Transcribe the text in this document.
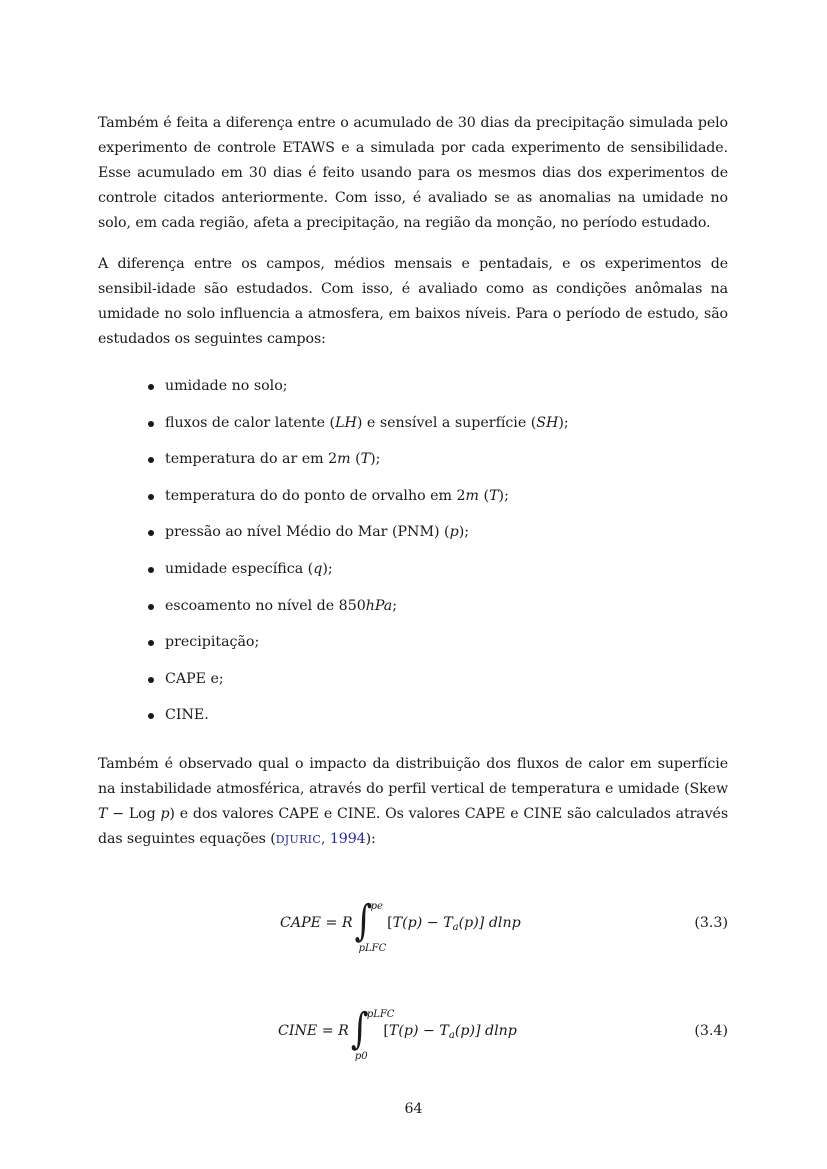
Também é feita a diferença entre o acumulado de 30 dias da precipitação simulada pelo experimento de controle ETAWS e a simulada por cada experimento de sensibilidade. Esse acumulado em 30 dias é feito usando para os mesmos dias dos experimentos de controle citados anteriormente. Com isso, é avaliado se as anomalias na umidade no solo, em cada região, afeta a precipitação, na região da monção, no período estudado.

A diferença entre os campos, médios mensais e pentadais, e os experimentos de sensibil-idade são estudados. Com isso, é avaliado como as condições anômalas na umidade no solo influencia a atmosfera, em baixos níveis. Para o período de estudo, são estudados os seguintes campos:

umidade no solo;
fluxos de calor latente (LH) e sensível a superfície (SH);
temperatura do ar em 2m (T);
temperatura do do ponto de orvalho em 2m (T);
pressão ao nível Médio do Mar (PNM) (p);
umidade específica (q);
escoamento no nível de 850hPa;
precipitação;
CAPE e;
CINE.

Também é observado qual o impacto da distribuição dos fluxos de calor em superfície na instabilidade atmosférica, através do perfil vertical de temperatura e umidade (Skew T − Log p) e dos valores CAPE e CINE. Os valores CAPE e CINE são calculados através das seguintes equações (DJURIC, 1994):

CAPE = R ∫
pe
pLFC
$[T(p) - T_a(p)]$ dlnp	(3.3)
CINE = R ∫
pLFC
p0
$[T(p) - T_a(p)]$ dlnp	(3.4)
64
